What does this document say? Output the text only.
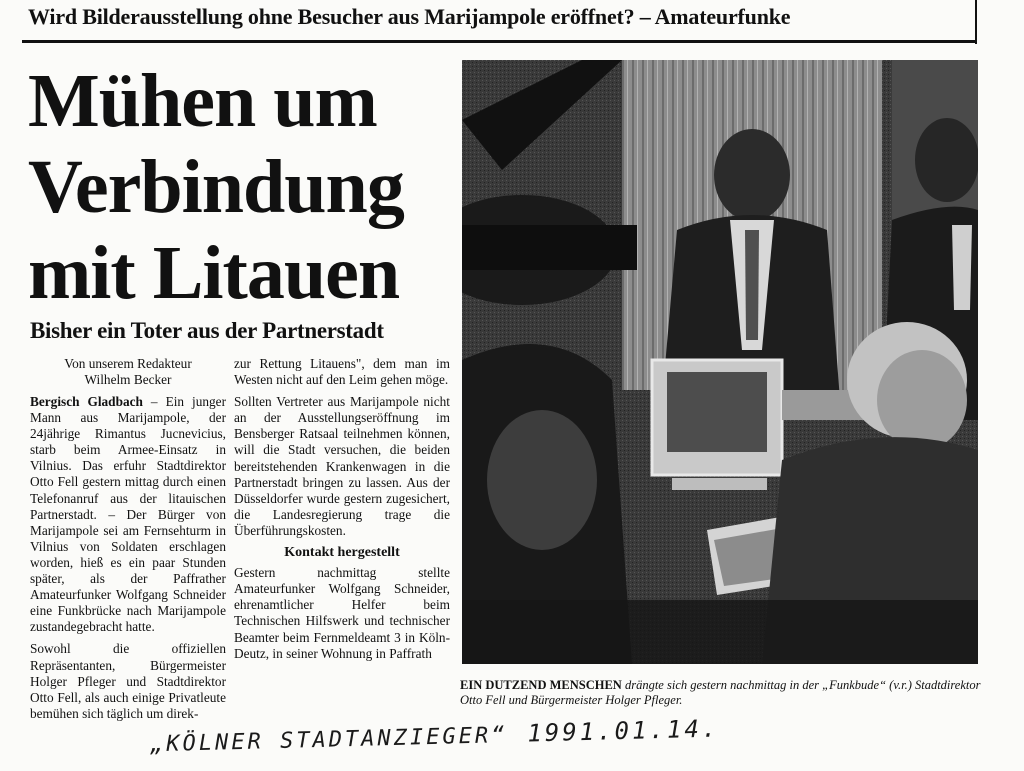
Wird Bilderausstellung ohne Besucher aus Marijampole eröffnet? – Amateurfunke
Mühen um
Verbindung
mit Litauen
Bisher ein Toter aus der Partnerstadt
Von unserem Redakteur
Wilhelm Becker

Bergisch Gladbach – Ein junger Mann aus Marijampole, der 24jährige Rimantus Jucnevicius, starb beim Armee-Einsatz in Vilnius. Das erfuhr Stadtdirektor Otto Fell gestern mittag durch einen Telefonanruf aus der litauischen Partnerstadt. – Der Bürger von Marijampole sei am Fernsehturm in Vilnius von Soldaten erschlagen worden, hieß es ein paar Stunden später, als der Paffrather Amateurfunker Wolfgang Schneider eine Funkbrücke nach Marijampole zustandegebracht hatte.

Sowohl die offiziellen Repräsentanten, Bürgermeister Holger Pfleger und Stadtdirektor Otto Fell, als auch einige Privatleute bemühen sich täglich um direk-

zur Rettung Litauens", dem man im Westen nicht auf den Leim gehen möge.

Sollten Vertreter aus Marijampole nicht an der Ausstellungseröffnung im Bensberger Ratsaal teilnehmen können, will die Stadt versuchen, die beiden bereitstehenden Krankenwagen in die Partnerstadt bringen zu lassen. Aus der Düsseldorfer wurde gestern zugesichert, die Landesregierung trage die Überführungskosten.

Kontakt hergestellt

Gestern nachmittag stellte Amateurfunker Wolfgang Schneider, ehrenamtlicher Helfer beim Technischen Hilfswerk und technischer Beamter beim Fernmeldeamt 3 in Köln-Deutz, in seiner Wohnung in Paffrath

EIN DUTZEND MENSCHEN drängte sich gestern nachmittag in der „Funkbude“ (v.r.) Stadtdirektor Otto Fell und Bürgermeister Holger Pfleger.
„KÖLNER STADTANZIEGER“ 1991.01.14.
